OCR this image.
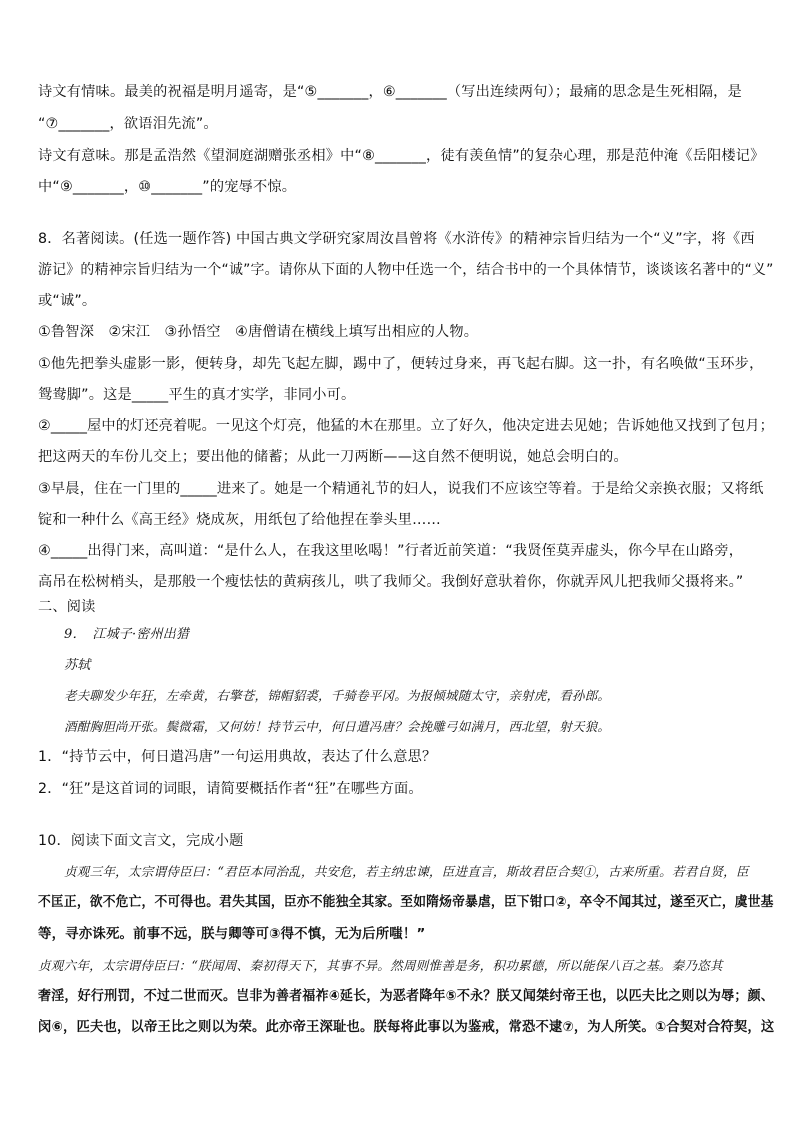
诗文有情味。最美的祝福是明月遥寄，是“⑤_______，⑥_______（写出连续两句）；最痛的思念是生死相隔，是
“⑦_______，欲语泪先流”。
诗文有意味。那是孟浩然《望洞庭湖赠张丞相》中“⑧_______，徒有羡鱼情”的复杂心理，那是范仲淹《岳阳楼记》
中“⑨_______，⑩_______”的宠辱不惊。
8．名著阅读。(任选一题作答) 中国古典文学研究家周汝昌曾将《水浒传》的精神宗旨归结为一个“义”字，将《西
游记》的精神宗旨归结为一个“诚”字。请你从下面的人物中任选一个，结合书中的一个具体情节，谈谈该名著中的“义”
或“诚”。
①鲁智深　②宋江　③孙悟空　④唐僧请在横线上填写出相应的人物。
①他先把拳头虚影一影，便转身，却先飞起左脚，踢中了，便转过身来，再飞起右脚。这一扑，有名唤做“玉环步，
鸳鸯脚”。这是_____平生的真才实学，非同小可。
②_____屋中的灯还亮着呢。一见这个灯亮，他猛的木在那里。立了好久，他决定进去见她；告诉她他又找到了包月；
把这两天的车份儿交上；要出他的储蓄；从此一刀两断——这自然不便明说，她总会明白的。
③早晨，住在一门里的_____进来了。她是一个精通礼节的妇人，说我们不应该空等着。于是给父亲换衣服；又将纸
锭和一种什么《高王经》烧成灰，用纸包了给他捏在拳头里……
④_____出得门来，高叫道：“是什么人，在我这里吆喝！”行者近前笑道：“我贤侄莫弄虚头，你今早在山路旁，
高吊在松树梢头，是那般一个瘦怯怯的黄病孩儿，哄了我师父。我倒好意驮着你，你就弄风儿把我师父摄将来。”
二、阅读
9．　江城子·密州出猎
苏轼
老夫聊发少年狂，左牵黄，右擎苍，锦帽貂裘，千骑卷平冈。为报倾城随太守，亲射虎，看孙郎。
酒酣胸胆尚开张。鬓微霜，又何妨！持节云中，何日遣冯唐？会挽雕弓如满月，西北望，射天狼。
1．“持节云中，何日遣冯唐”一句运用典故，表达了什么意思？
2．“狂”是这首词的词眼，请简要概括作者“狂”在哪些方面。
10．阅读下面文言文，完成小题
贞观三年，太宗谓侍臣曰：“君臣本同治乱，共安危，若主纳忠谏，臣进直言，斯故君臣合契①，古来所重。若君自贤，臣
不匡正，欲不危亡，不可得也。君失其国，臣亦不能独全其家。至如隋炀帝暴虐，臣下钳口②，卒令不闻其过，遂至灭亡，虞世基
等，寻亦诛死。前事不远，朕与卿等可③得不慎，无为后所嗤！”
贞观六年，太宗谓侍臣曰：“朕闻周、秦初得天下，其事不异。然周则惟善是务，积功累德，所以能保八百之基。秦乃恣其
奢淫，好行刑罚，不过二世而灭。岂非为善者福祚④延长，为恶者降年⑤不永？朕又闻桀纣帝王也，以匹夫比之则以为辱；颜、
闵⑥，匹夫也，以帝王比之则以为荣。此亦帝王深耻也。朕每将此事以为鉴戒，常恐不逮⑦，为人所笑。①合契对合符契，这
